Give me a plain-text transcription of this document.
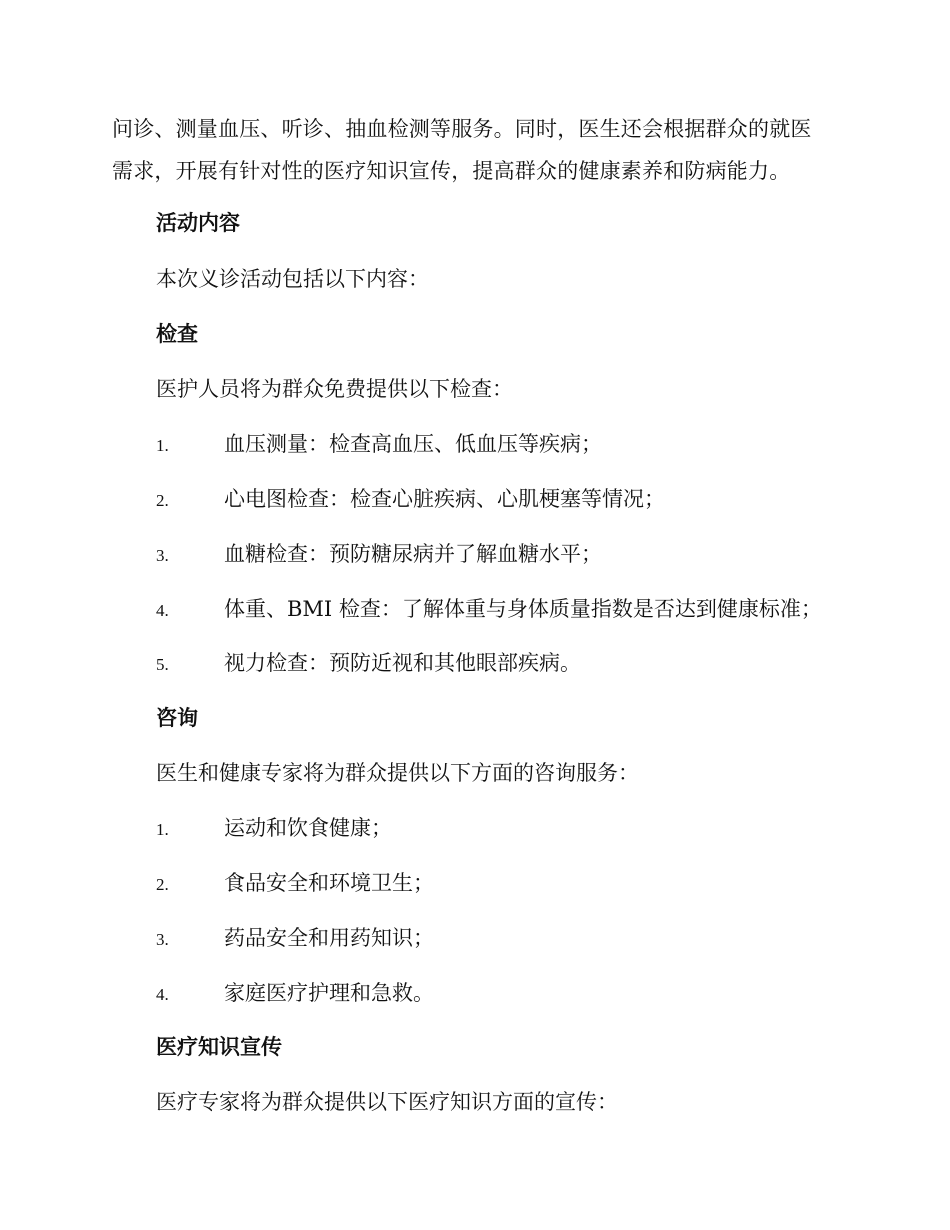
问诊、测量血压、听诊、抽血检测等服务。同时，医生还会根据群众的就医

需求，开展有针对性的医疗知识宣传，提高群众的健康素养和防病能力。

活动内容
本次义诊活动包括以下内容：
检查
医护人员将为群众免费提供以下检查：
1.	血压测量：检查高血压、低血压等疾病；
2.	心电图检查：检查心脏疾病、心肌梗塞等情况；
3.	血糖检查：预防糖尿病并了解血糖水平；
4.	体重、BMI 检查：了解体重与身体质量指数是否达到健康标准；
5.	视力检查：预防近视和其他眼部疾病。
咨询
医生和健康专家将为群众提供以下方面的咨询服务：
1.	运动和饮食健康；
2.	食品安全和环境卫生；
3.	药品安全和用药知识；
4.	家庭医疗护理和急救。
医疗知识宣传
医疗专家将为群众提供以下医疗知识方面的宣传：
